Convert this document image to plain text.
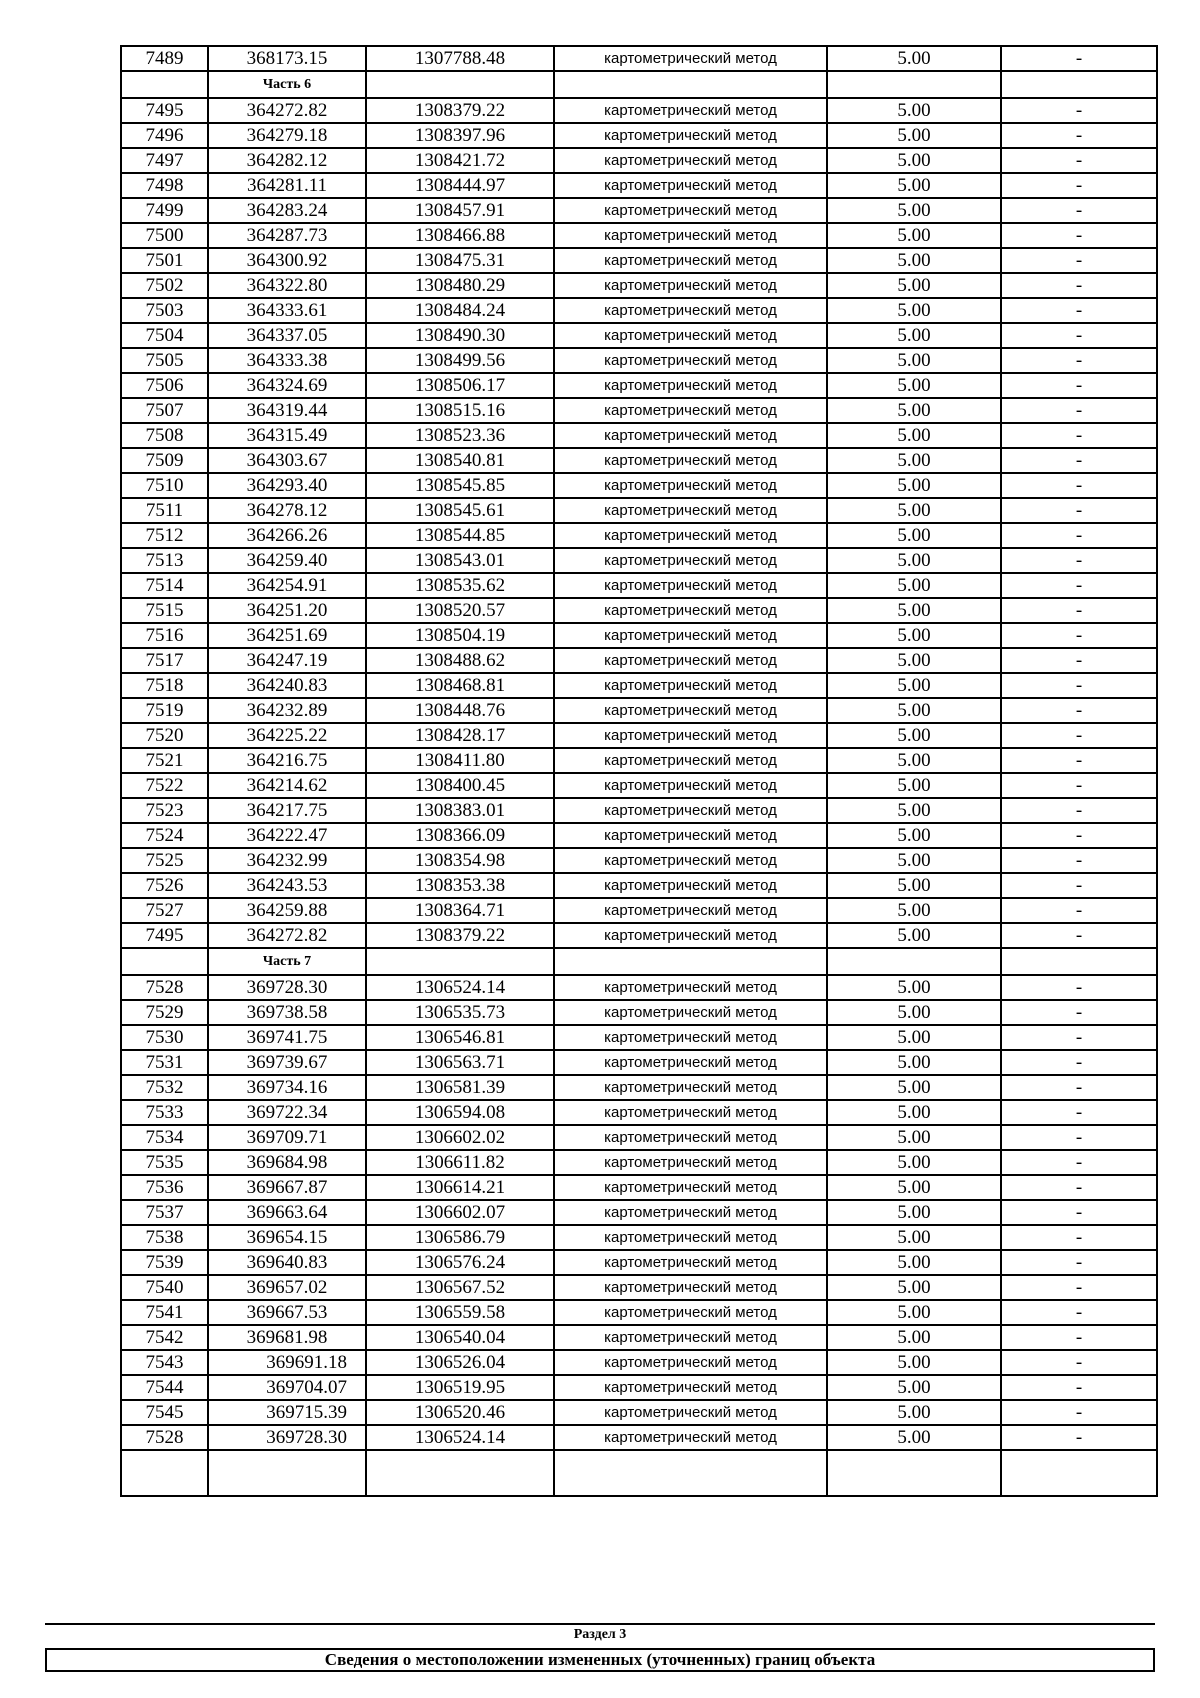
7489	368173.15	1307788.48	картометрический метод	5.00	-
	Часть 6				
7495	364272.82	1308379.22	картометрический метод	5.00	-
7496	364279.18	1308397.96	картометрический метод	5.00	-
7497	364282.12	1308421.72	картометрический метод	5.00	-
7498	364281.11	1308444.97	картометрический метод	5.00	-
7499	364283.24	1308457.91	картометрический метод	5.00	-
7500	364287.73	1308466.88	картометрический метод	5.00	-
7501	364300.92	1308475.31	картометрический метод	5.00	-
7502	364322.80	1308480.29	картометрический метод	5.00	-
7503	364333.61	1308484.24	картометрический метод	5.00	-
7504	364337.05	1308490.30	картометрический метод	5.00	-
7505	364333.38	1308499.56	картометрический метод	5.00	-
7506	364324.69	1308506.17	картометрический метод	5.00	-
7507	364319.44	1308515.16	картометрический метод	5.00	-
7508	364315.49	1308523.36	картометрический метод	5.00	-
7509	364303.67	1308540.81	картометрический метод	5.00	-
7510	364293.40	1308545.85	картометрический метод	5.00	-
7511	364278.12	1308545.61	картометрический метод	5.00	-
7512	364266.26	1308544.85	картометрический метод	5.00	-
7513	364259.40	1308543.01	картометрический метод	5.00	-
7514	364254.91	1308535.62	картометрический метод	5.00	-
7515	364251.20	1308520.57	картометрический метод	5.00	-
7516	364251.69	1308504.19	картометрический метод	5.00	-
7517	364247.19	1308488.62	картометрический метод	5.00	-
7518	364240.83	1308468.81	картометрический метод	5.00	-
7519	364232.89	1308448.76	картометрический метод	5.00	-
7520	364225.22	1308428.17	картометрический метод	5.00	-
7521	364216.75	1308411.80	картометрический метод	5.00	-
7522	364214.62	1308400.45	картометрический метод	5.00	-
7523	364217.75	1308383.01	картометрический метод	5.00	-
7524	364222.47	1308366.09	картометрический метод	5.00	-
7525	364232.99	1308354.98	картометрический метод	5.00	-
7526	364243.53	1308353.38	картометрический метод	5.00	-
7527	364259.88	1308364.71	картометрический метод	5.00	-
7495	364272.82	1308379.22	картометрический метод	5.00	-
	Часть 7				
7528	369728.30	1306524.14	картометрический метод	5.00	-
7529	369738.58	1306535.73	картометрический метод	5.00	-
7530	369741.75	1306546.81	картометрический метод	5.00	-
7531	369739.67	1306563.71	картометрический метод	5.00	-
7532	369734.16	1306581.39	картометрический метод	5.00	-
7533	369722.34	1306594.08	картометрический метод	5.00	-
7534	369709.71	1306602.02	картометрический метод	5.00	-
7535	369684.98	1306611.82	картометрический метод	5.00	-
7536	369667.87	1306614.21	картометрический метод	5.00	-
7537	369663.64	1306602.07	картометрический метод	5.00	-
7538	369654.15	1306586.79	картометрический метод	5.00	-
7539	369640.83	1306576.24	картометрический метод	5.00	-
7540	369657.02	1306567.52	картометрический метод	5.00	-
7541	369667.53	1306559.58	картометрический метод	5.00	-
7542	369681.98	1306540.04	картометрический метод	5.00	-
7543	369691.18	1306526.04	картометрический метод	5.00	-
7544	369704.07	1306519.95	картометрический метод	5.00	-
7545	369715.39	1306520.46	картометрический метод	5.00	-
7528	369728.30	1306524.14	картометрический метод	5.00	-

Раздел 3
Сведения о местоположении измененных (уточненных) границ объекта
